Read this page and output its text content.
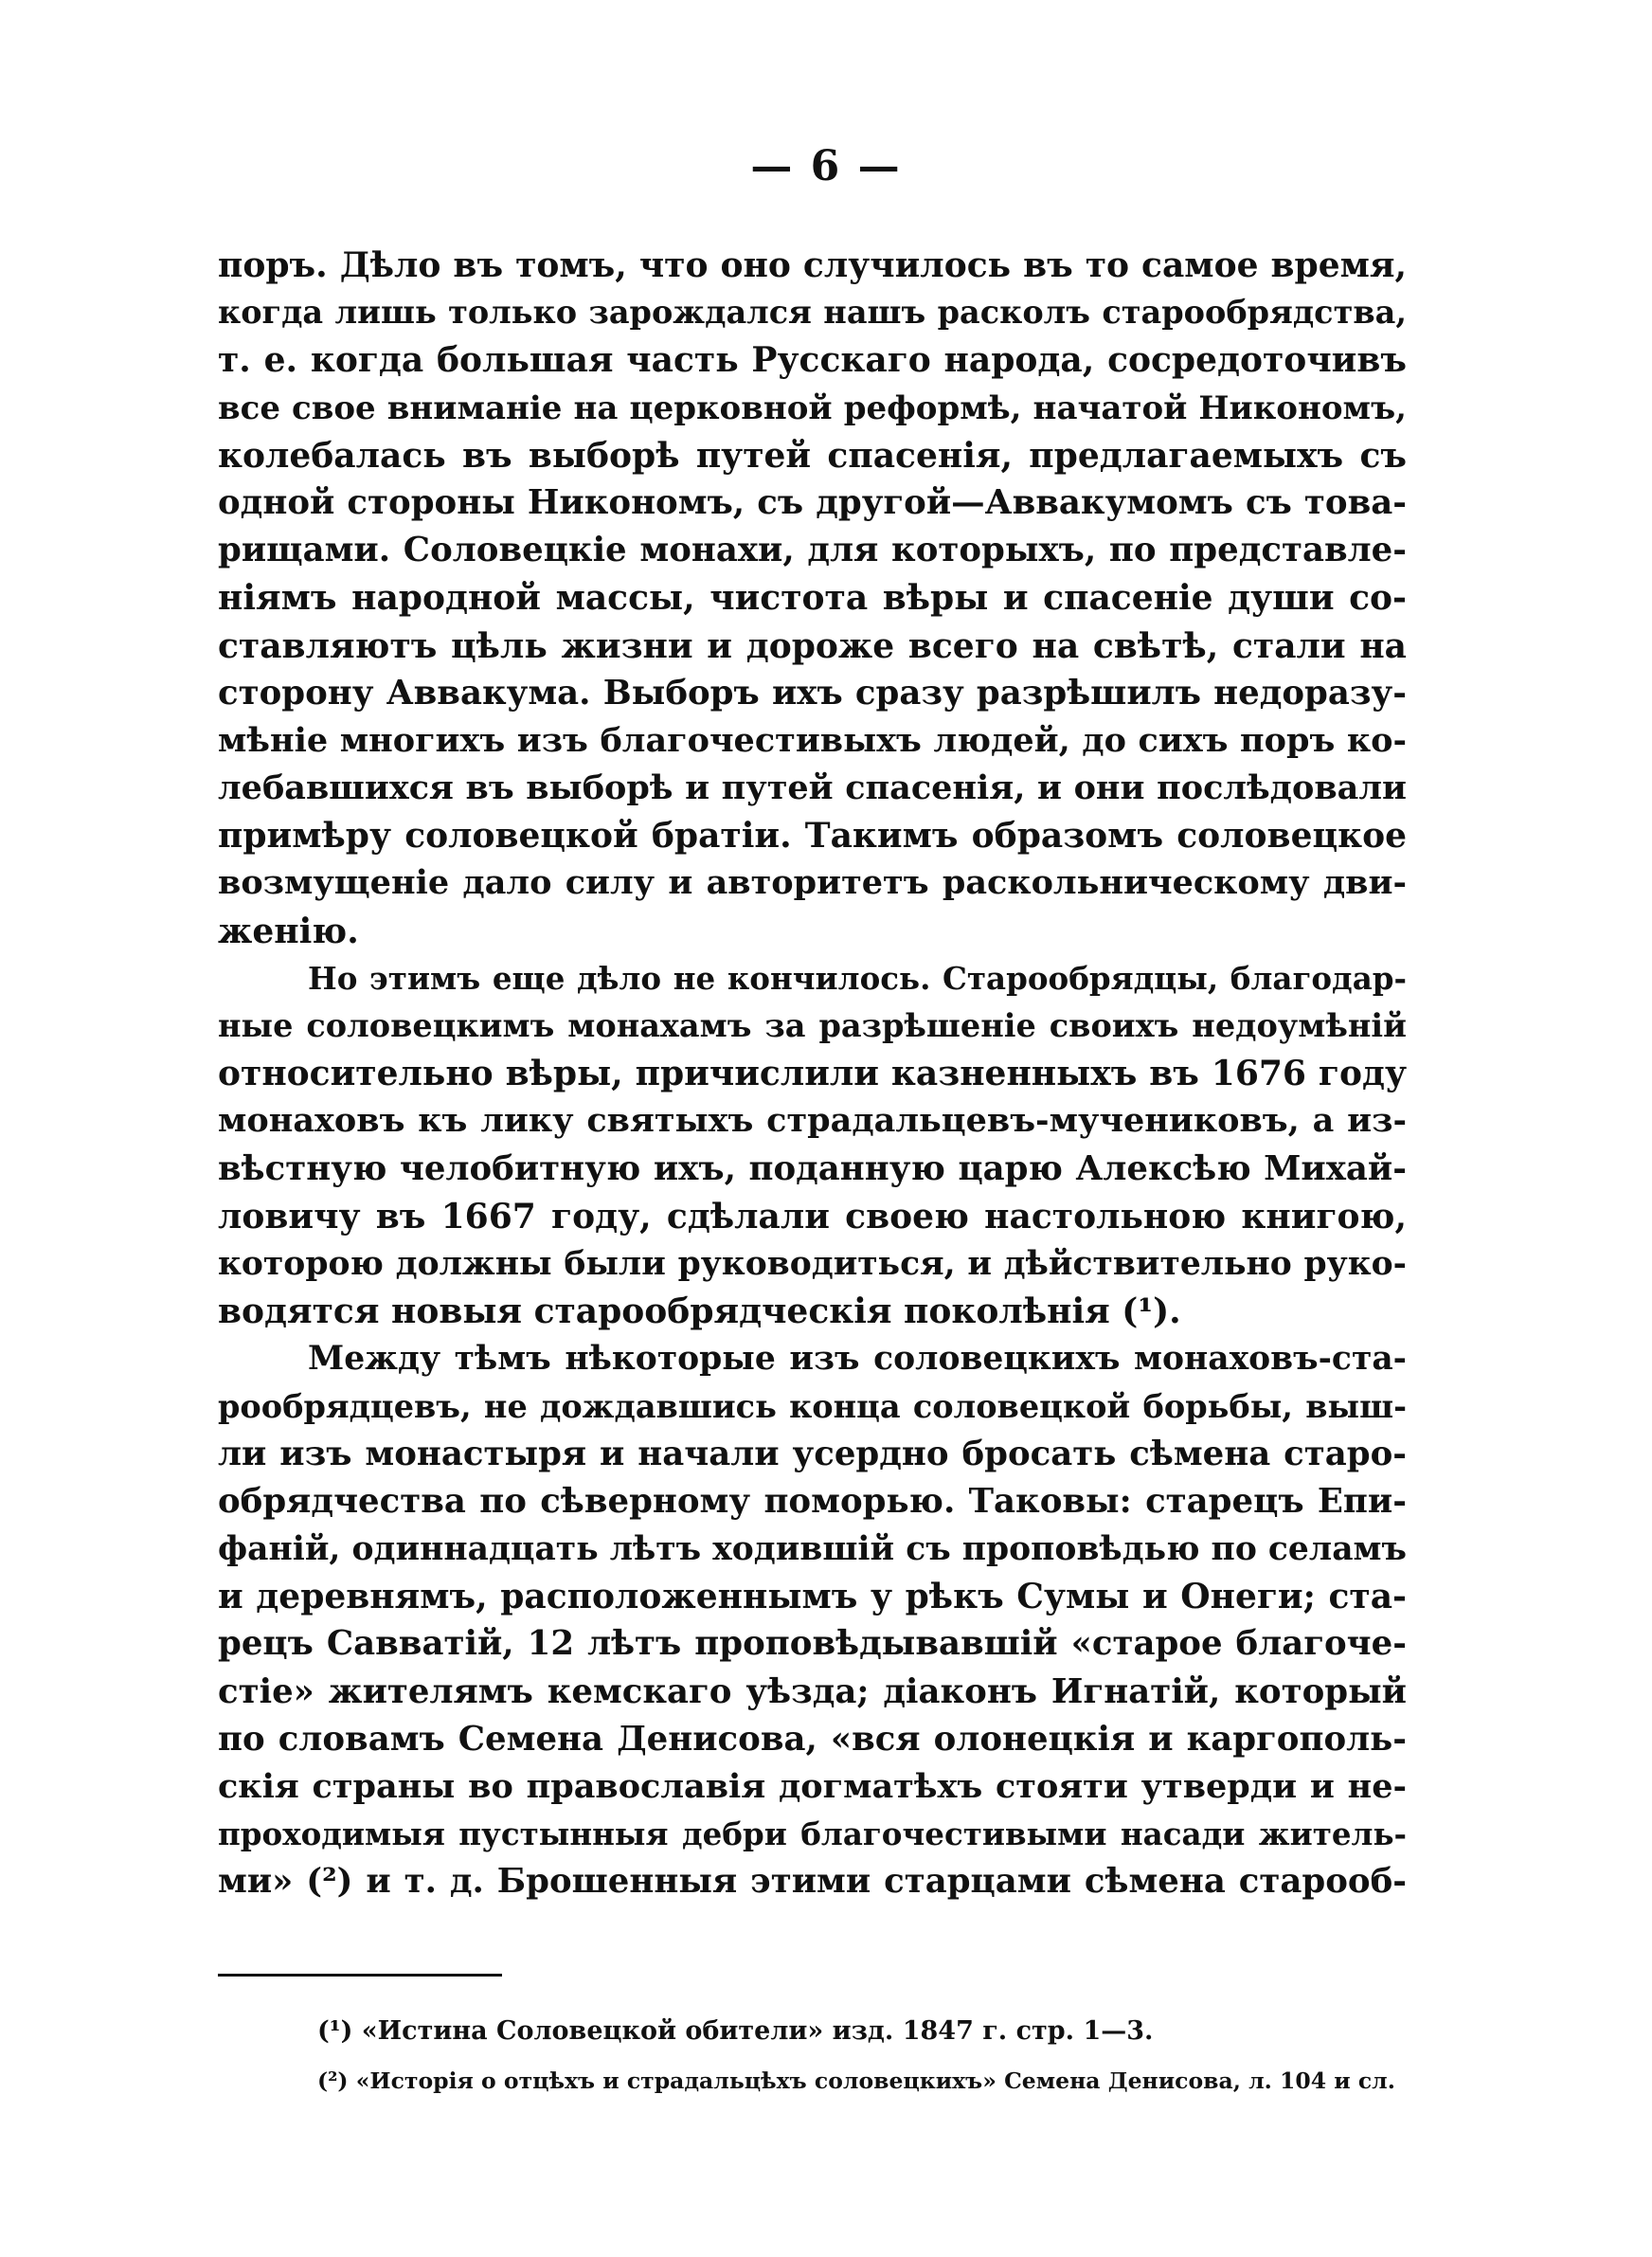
— 6 —
поръ. Дѣло въ томъ, что оно случилось въ то самое время,
когда лишь только зарождался нашъ расколъ старообрядства,
т. е. когда большая часть Русскаго народа, сосредоточивъ
все свое вниманіе на церковной реформѣ, начатой Никономъ,
колебалась въ выборѣ путей спасенія, предлагаемыхъ съ
одной стороны Никономъ, съ другой—Аввакумомъ съ това-
рищами. Соловецкіе монахи, для которыхъ, по представле-
ніямъ народной массы, чистота вѣры и спасеніе души со-
ставляютъ цѣль жизни и дороже всего на свѣтѣ, стали на
сторону Аввакума. Выборъ ихъ сразу разрѣшилъ недоразу-
мѣніе многихъ изъ благочестивыхъ людей, до сихъ поръ ко-
лебавшихся въ выборѣ и путей спасенія, и они послѣдовали
примѣру соловецкой братіи. Такимъ образомъ соловецкое
возмущеніе дало силу и авторитетъ раскольническому дви-
женію.
Но этимъ еще дѣло не кончилось. Старообрядцы, благодар-
ные соловецкимъ монахамъ за разрѣшеніе своихъ недоумѣній
относительно вѣры, причислили казненныхъ въ 1676 году
монаховъ къ лику святыхъ страдальцевъ-мучениковъ, а из-
вѣстную челобитную ихъ, поданную царю Алексѣю Михай-
ловичу въ 1667 году, сдѣлали своею настольною книгою,
которою должны были руководиться, и дѣйствительно руко-
водятся новыя старообрядческія поколѣнія (¹).
Между тѣмъ нѣкоторые изъ соловецкихъ монаховъ-ста-
рообрядцевъ, не дождавшись конца соловецкой борьбы, выш-
ли изъ монастыря и начали усердно бросать сѣмена старо-
обрядчества по сѣверному поморью. Таковы: старецъ Епи-
фаній, одиннадцать лѣтъ ходившій съ проповѣдью по селамъ
и деревнямъ, расположеннымъ у рѣкъ Сумы и Онеги; ста-
рецъ Савватій, 12 лѣтъ проповѣдывавшій «старое благоче-
стіе» жителямъ кемскаго уѣзда; діаконъ Игнатій, который
по словамъ Семена Денисова, «вся олонецкія и каргополь-
скія страны во православія догматѣхъ стояти утверди и не-
проходимыя пустынныя дебри благочестивыми насади житель-
ми» (²) и т. д. Брошенныя этими старцами сѣмена старооб-
(¹) «Истина Соловецкой обители» изд. 1847 г. стр. 1—3.
(²) «Исторія о отцѣхъ и страдальцѣхъ соловецкихъ» Семена Денисова, л. 104 и сл.
